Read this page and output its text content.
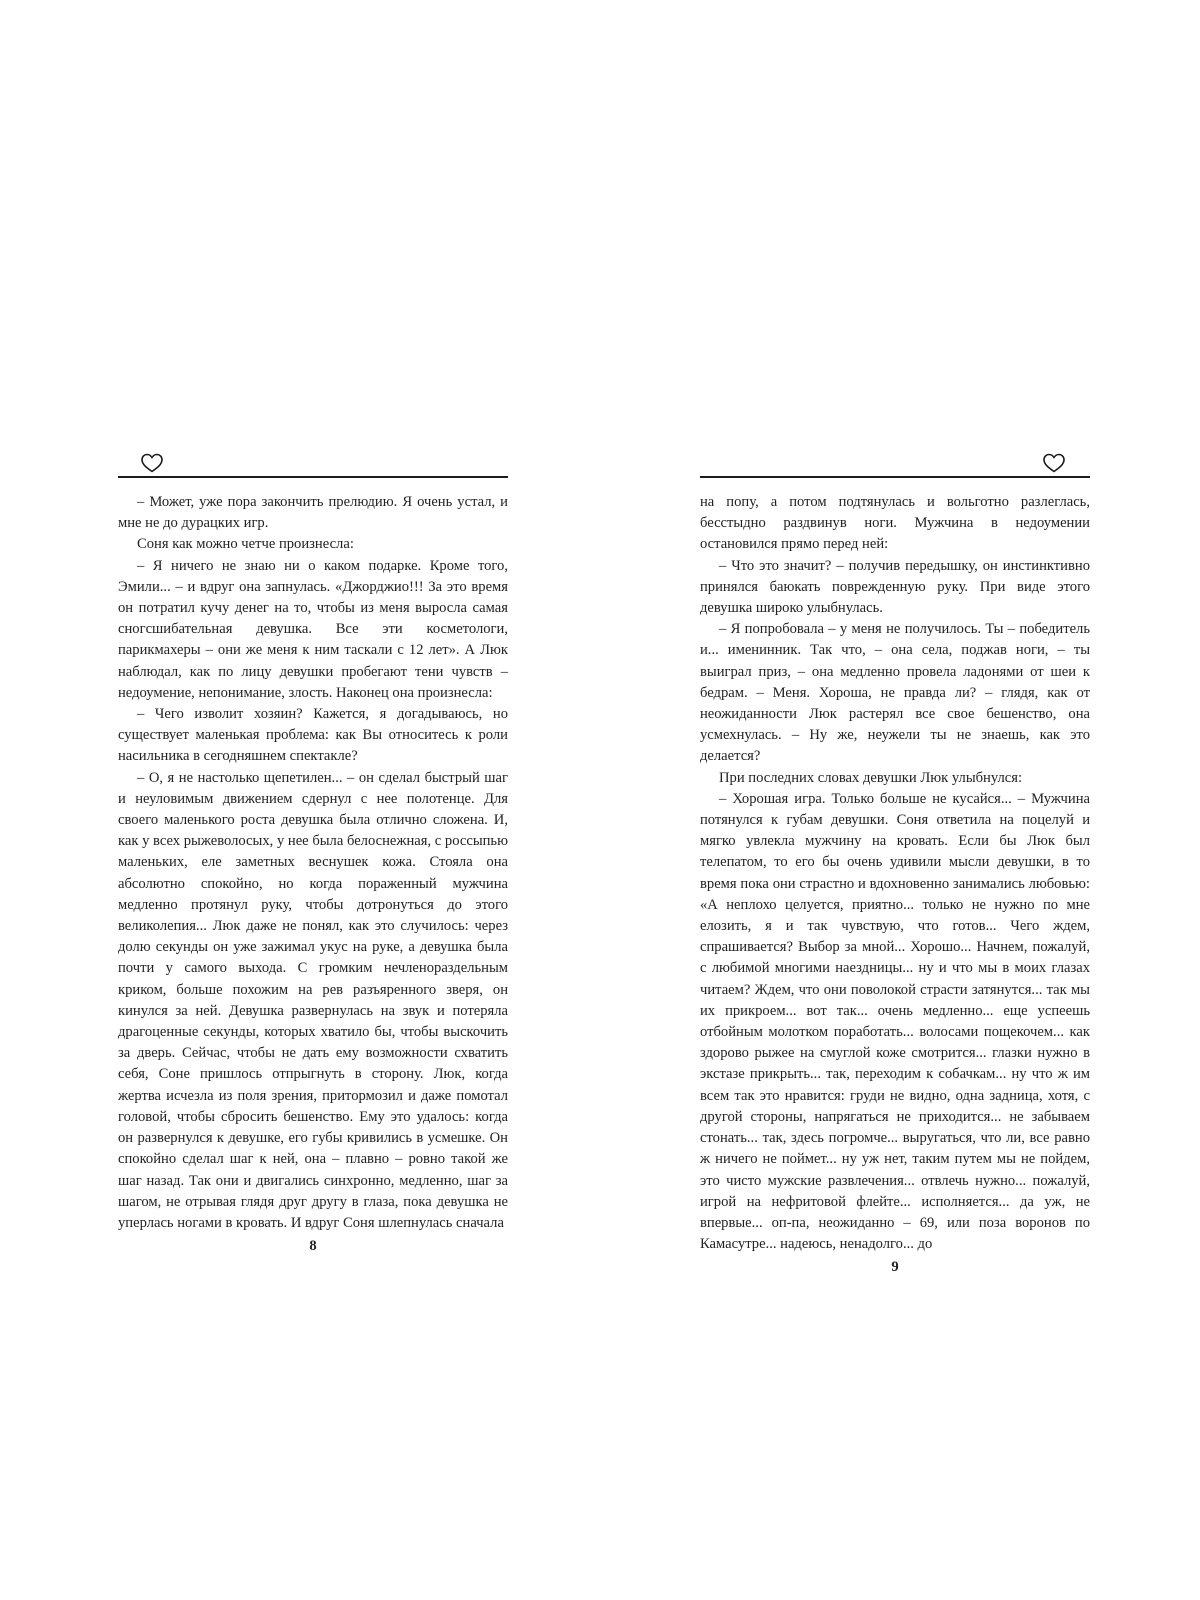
– Может, уже пора закончить прелюдию. Я очень устал, и мне не до дурацких игр.

Соня как можно четче произнесла:

– Я ничего не знаю ни о каком подарке. Кроме того, Эмили... – и вдруг она запнулась. «Джорджио!!! За это время он потратил кучу денег на то, чтобы из меня выросла самая сногсшибательная девушка. Все эти косметологи, парикмахеры – они же меня к ним таскали с 12 лет». А Люк наблюдал, как по лицу девушки пробегают тени чувств – недоумение, непонимание, злость. Наконец она произнесла:

– Чего изволит хозяин? Кажется, я догадываюсь, но существует маленькая проблема: как Вы относитесь к роли насильника в сегодняшнем спектакле?

– О, я не настолько щепетилен... – он сделал быстрый шаг и неуловимым движением сдернул с нее полотенце. Для своего маленького роста девушка была отлично сложена. И, как у всех рыжеволосых, у нее была белоснежная, с россыпью маленьких, еле заметных веснушек кожа. Стояла она абсолютно спокойно, но когда пораженный мужчина медленно протянул руку, чтобы дотронуться до этого великолепия... Люк даже не понял, как это случилось: через долю секунды он уже зажимал укус на руке, а девушка была почти у самого выхода. С громким нечленораздельным криком, больше похожим на рев разъяренного зверя, он кинулся за ней. Девушка развернулась на звук и потеряла драгоценные секунды, которых хватило бы, чтобы выскочить за дверь. Сейчас, чтобы не дать ему возможности схватить себя, Соне пришлось отпрыгнуть в сторону. Люк, когда жертва исчезла из поля зрения, притормозил и даже помотал головой, чтобы сбросить бешенство. Ему это удалось: когда он развернулся к девушке, его губы кривились в усмешке. Он спокойно сделал шаг к ней, она – плавно – ровно такой же шаг назад. Так они и двигались синхронно, медленно, шаг за шагом, не отрывая глядя друг другу в глаза, пока девушка не уперлась ногами в кровать. И вдруг Соня шлепнулась сначала

8

на попу, а потом подтянулась и вольготно разлеглась, бесстыдно раздвинув ноги. Мужчина в недоумении остановился прямо перед ней:

– Что это значит? – получив передышку, он инстинктивно принялся баюкать поврежденную руку. При виде этого девушка широко улыбнулась.

– Я попробовала – у меня не получилось. Ты – победитель и... именинник. Так что, – она села, поджав ноги, – ты выиграл приз, – она медленно провела ладонями от шеи к бедрам. – Меня. Хороша, не правда ли? – глядя, как от неожиданности Люк растерял все свое бешенство, она усмехнулась. – Ну же, неужели ты не знаешь, как это делается?

При последних словах девушки Люк улыбнулся:

– Хорошая игра. Только больше не кусайся... – Мужчина потянулся к губам девушки. Соня ответила на поцелуй и мягко увлекла мужчину на кровать. Если бы Люк был телепатом, то его бы очень удивили мысли девушки, в то время пока они страстно и вдохновенно занимались любовью: «А неплохо целуется, приятно... только не нужно по мне елозить, я и так чувствую, что готов... Чего ждем, спрашивается? Выбор за мной... Хорошо... Начнем, пожалуй, с любимой многими наездницы... ну и что мы в моих глазах читаем? Ждем, что они поволокой страсти затянутся... так мы их прикроем... вот так... очень медленно... еще успеешь отбойным молотком поработать... волосами пощекочем... как здорово рыжее на смуглой коже смотрится... глазки нужно в экстазе прикрыть... так, переходим к собачкам... ну что ж им всем так это нравится: груди не видно, одна задница, хотя, с другой стороны, напрягаться не приходится... не забываем стонать... так, здесь погромче... выругаться, что ли, все равно ж ничего не поймет... ну уж нет, таким путем мы не пойдем, это чисто мужские развлечения... отвлечь нужно... пожалуй, игрой на нефритовой флейте... исполняется... да уж, не впервые... оп-па, неожиданно – 69, или поза воронов по Камасутре... надеюсь, ненадолго... до

9
